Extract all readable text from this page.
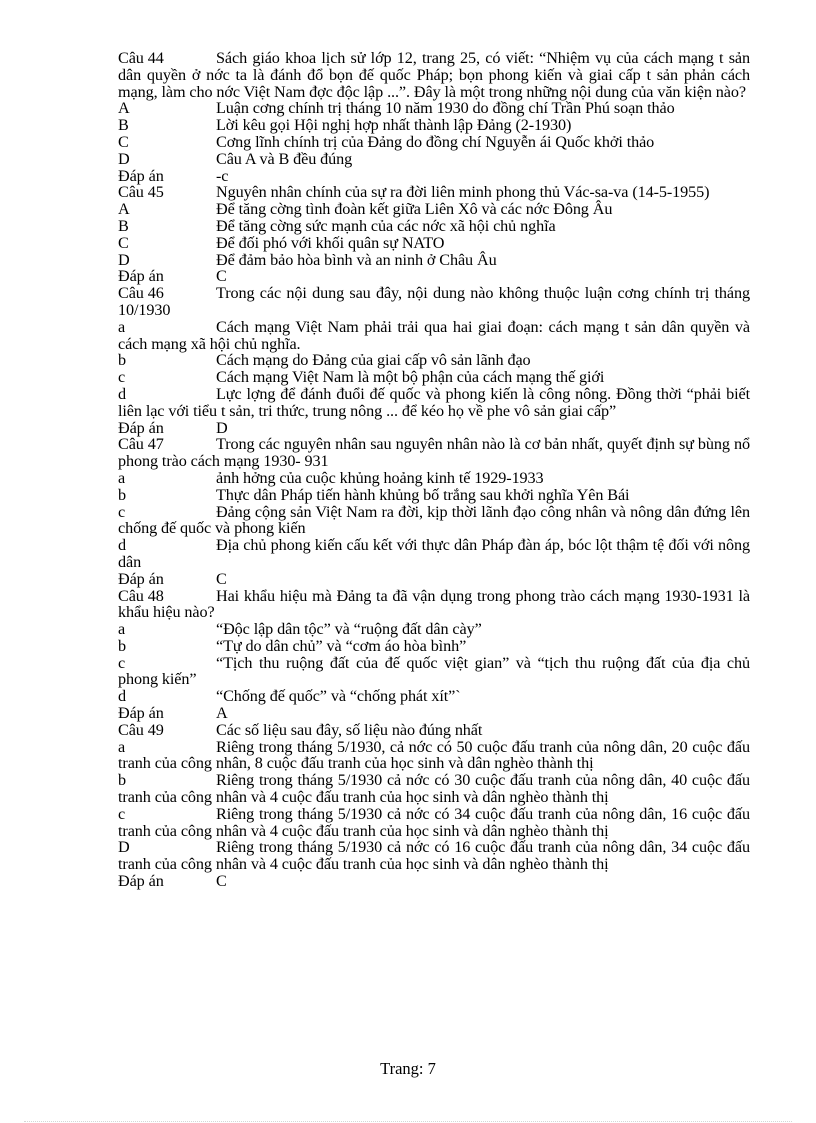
Câu 44	Sách giáo khoa lịch sử lớp 12, trang 25, có viết: “Nhiệm vụ của cách mạng t sản dân quyền ở nớc ta là đánh đổ bọn đế quốc Pháp; bọn phong kiến và giai cấp t sản phản cách mạng, làm cho nớc Việt Nam đợc độc lập ...”. Đây là một trong những nội dung của văn kiện nào?
A	Luận cơng chính trị tháng 10 năm 1930 do đồng chí Trần Phú soạn thảo
B	Lời kêu gọi Hội nghị hợp nhất thành lập Đảng (2-1930)
C	Cơng lĩnh chính trị của Đảng do đồng chí Nguyễn ái Quốc khởi thảo
D	Câu A và B đều đúng
Đáp án	-c
Câu 45	Nguyên nhân chính của sự ra đời liên minh phong thủ Vác-sa-va (14-5-1955)
A	Để tăng cờng tình đoàn kết giữa Liên Xô và các nớc Đông Âu
B	Để tăng cờng sức mạnh của các nớc xã hội chủ nghĩa
C	Để đối phó với khối quân sự NATO
D	Để đảm bảo hòa bình và an ninh ở Châu Âu
Đáp án	C
Câu 46	Trong các nội dung sau đây, nội dung nào không thuộc luận cơng chính trị tháng 10/1930
a	Cách mạng Việt Nam phải trải qua hai giai đoạn: cách mạng t sản dân quyền và cách mạng xã hội chủ nghĩa.
b	Cách mạng do Đảng của giai cấp vô sản lãnh đạo
c	Cách mạng Việt Nam là một bộ phận của cách mạng thế giới
d	Lực lợng để đánh đuổi đế quốc và phong kiến là công nông. Đồng thời “phải biết liên lạc với tiểu t sản, tri thức, trung nông ... để kéo họ về phe vô sản giai cấp”
Đáp án	D
Câu 47	Trong các nguyên nhân sau nguyên nhân nào là cơ bản nhất, quyết định sự bùng nổ phong trào cách mạng 1930- 931
a	ảnh hởng của cuộc khủng hoảng kinh tế 1929-1933
b	Thực dân Pháp tiến hành khủng bố trắng sau khởi nghĩa Yên Bái
c	Đảng cộng sản Việt Nam ra đời, kịp thời lãnh đạo công nhân và nông dân đứng lên chống đế quốc và phong kiến
d	Địa chủ phong kiến cấu kết với thực dân Pháp đàn áp, bóc lột thậm tệ đối với nông dân
Đáp án	C
Câu 48	Hai khẩu hiệu mà Đảng ta đã vận dụng trong phong trào cách mạng 1930-1931 là khẩu hiệu nào?
a	“Độc lập dân tộc” và “ruộng đất dân cày”
b	“Tự do dân chủ” và “cơm áo hòa bình”
c	“Tịch thu ruộng đất của đế quốc việt gian” và “tịch thu ruộng đất của địa chủ phong kiến”
d	“Chống đế quốc” và “chống phát xít”`
Đáp án	A
Câu 49	Các số liệu sau đây, số liệu nào đúng nhất
a	Riêng trong tháng 5/1930, cả nớc có 50 cuộc đấu tranh của nông dân, 20 cuộc đấu tranh của công nhân, 8 cuộc đấu tranh của học sinh và dân nghèo thành thị
b	Riêng trong tháng 5/1930 cả nớc có 30 cuộc đấu tranh của nông dân, 40 cuộc đấu tranh của công nhân và 4 cuộc đấu tranh của học sinh và dân nghèo thành thị
c	Riêng trong tháng 5/1930 cả nớc có 34 cuộc đấu tranh của nông dân, 16 cuộc đấu tranh của công nhân và 4 cuộc đấu tranh của học sinh và dân nghèo thành thị
D	Riêng trong tháng 5/1930 cả nớc có 16 cuộc đấu tranh của nông dân, 34 cuộc đấu tranh của công nhân và 4 cuộc đấu tranh của học sinh và dân nghèo thành thị
Đáp án	C
Trang: 7
